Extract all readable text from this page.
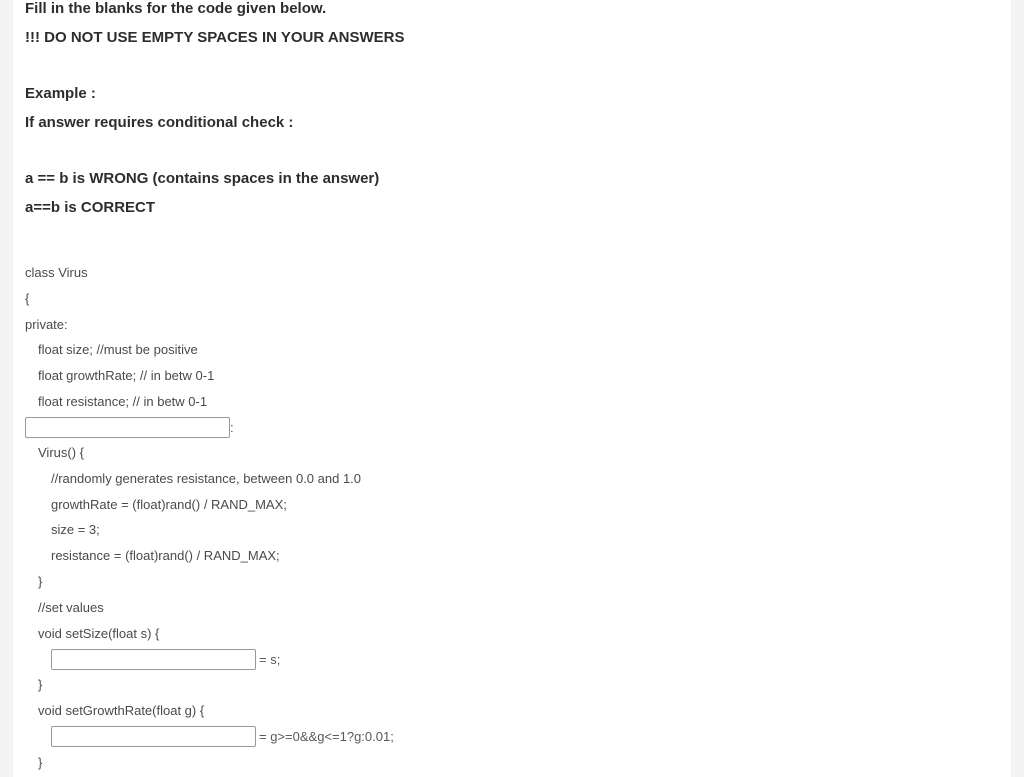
Fill in the blanks for the code given below.
!!! DO NOT USE EMPTY SPACES IN YOUR ANSWERS
Example :
If answer requires conditional check :
a == b is WRONG (contains spaces in the answer)
a==b is CORRECT
class Virus
{
private:
float size; //must be positive
float growthRate; // in betw 0-1
float resistance; // in betw 0-1
:
Virus() {
//randomly generates resistance, between 0.0 and 1.0
growthRate = (float)rand() / RAND_MAX;
size = 3;
resistance = (float)rand() / RAND_MAX;
}
//set values
void setSize(float s) {
= s;
}
void setGrowthRate(float g) {
= g>=0&&g<=1?g:0.01;
}
